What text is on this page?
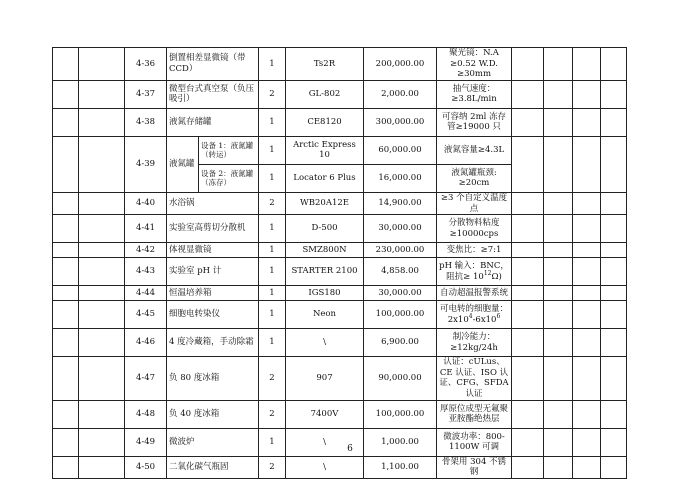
		4-36	倒置相差显微镜（带 CCD）		1	Ts2R	200,000.00	聚光镜：N.A ≥0.52 W.D. ≥30mm				
		4-37	微型台式真空泵（负压吸引）		2	GL-802	2,000.00	抽气速度：≥3.8L/min				
		4-38	液氮存储罐		1	CE8120	300,000.00	可容纳 2ml 冻存管≥19000 只				
		4-39	液氮罐	设备 1：液氮罐（转运）	1	Arctic Express 10	60,000.00	液氮容量≥4.3L				
				设备 2：液氮罐（冻存）	1	Locator 6 Plus	16,000.00	液氮罐瓶颈: ≥20cm				
		4-40	水浴锅		2	WB20A12E	14,900.00	≥3 个自定义温度点				
		4-41	实验室高剪切分散机		1	D-500	30,000.00	分散物料粘度≥10000cps				
		4-42	体视显微镜		1	SMZ800N	230,000.00	变焦比：≥7:1				
		4-43	实验室 pH 计		1	STARTER 2100	4,858.00	pH 输入：BNC，阻抗≥ $10^{12}\Omega$)				
		4-44	恒温培养箱		1	IGS180	30,000.00	自动超温报警系统				
		4-45	细胞电转染仪		1	Neon	100,000.00	可电转的细胞量：$2x10^4-6x10^6$				
		4-46	4 度冷藏箱，手动除霜		1	\	6,900.00	制冷能力：≥12kg/24h				
		4-47	负 80 度冰箱		2	907	90,000.00	认证：cULus、CE 认证、ISO 认证、CFG、SFDA 认证				
		4-48	负 40 度冰箱		2	7400V	100,000.00	厚原位成型无氟聚亚胺酯绝热层				
		4-49	微波炉		1	\	1,000.00	微波功率：800-1100W 可调				
		4-50	二氧化碳气瓶固		2	\	1,100.00	骨架用 304 不锈钢				
6
